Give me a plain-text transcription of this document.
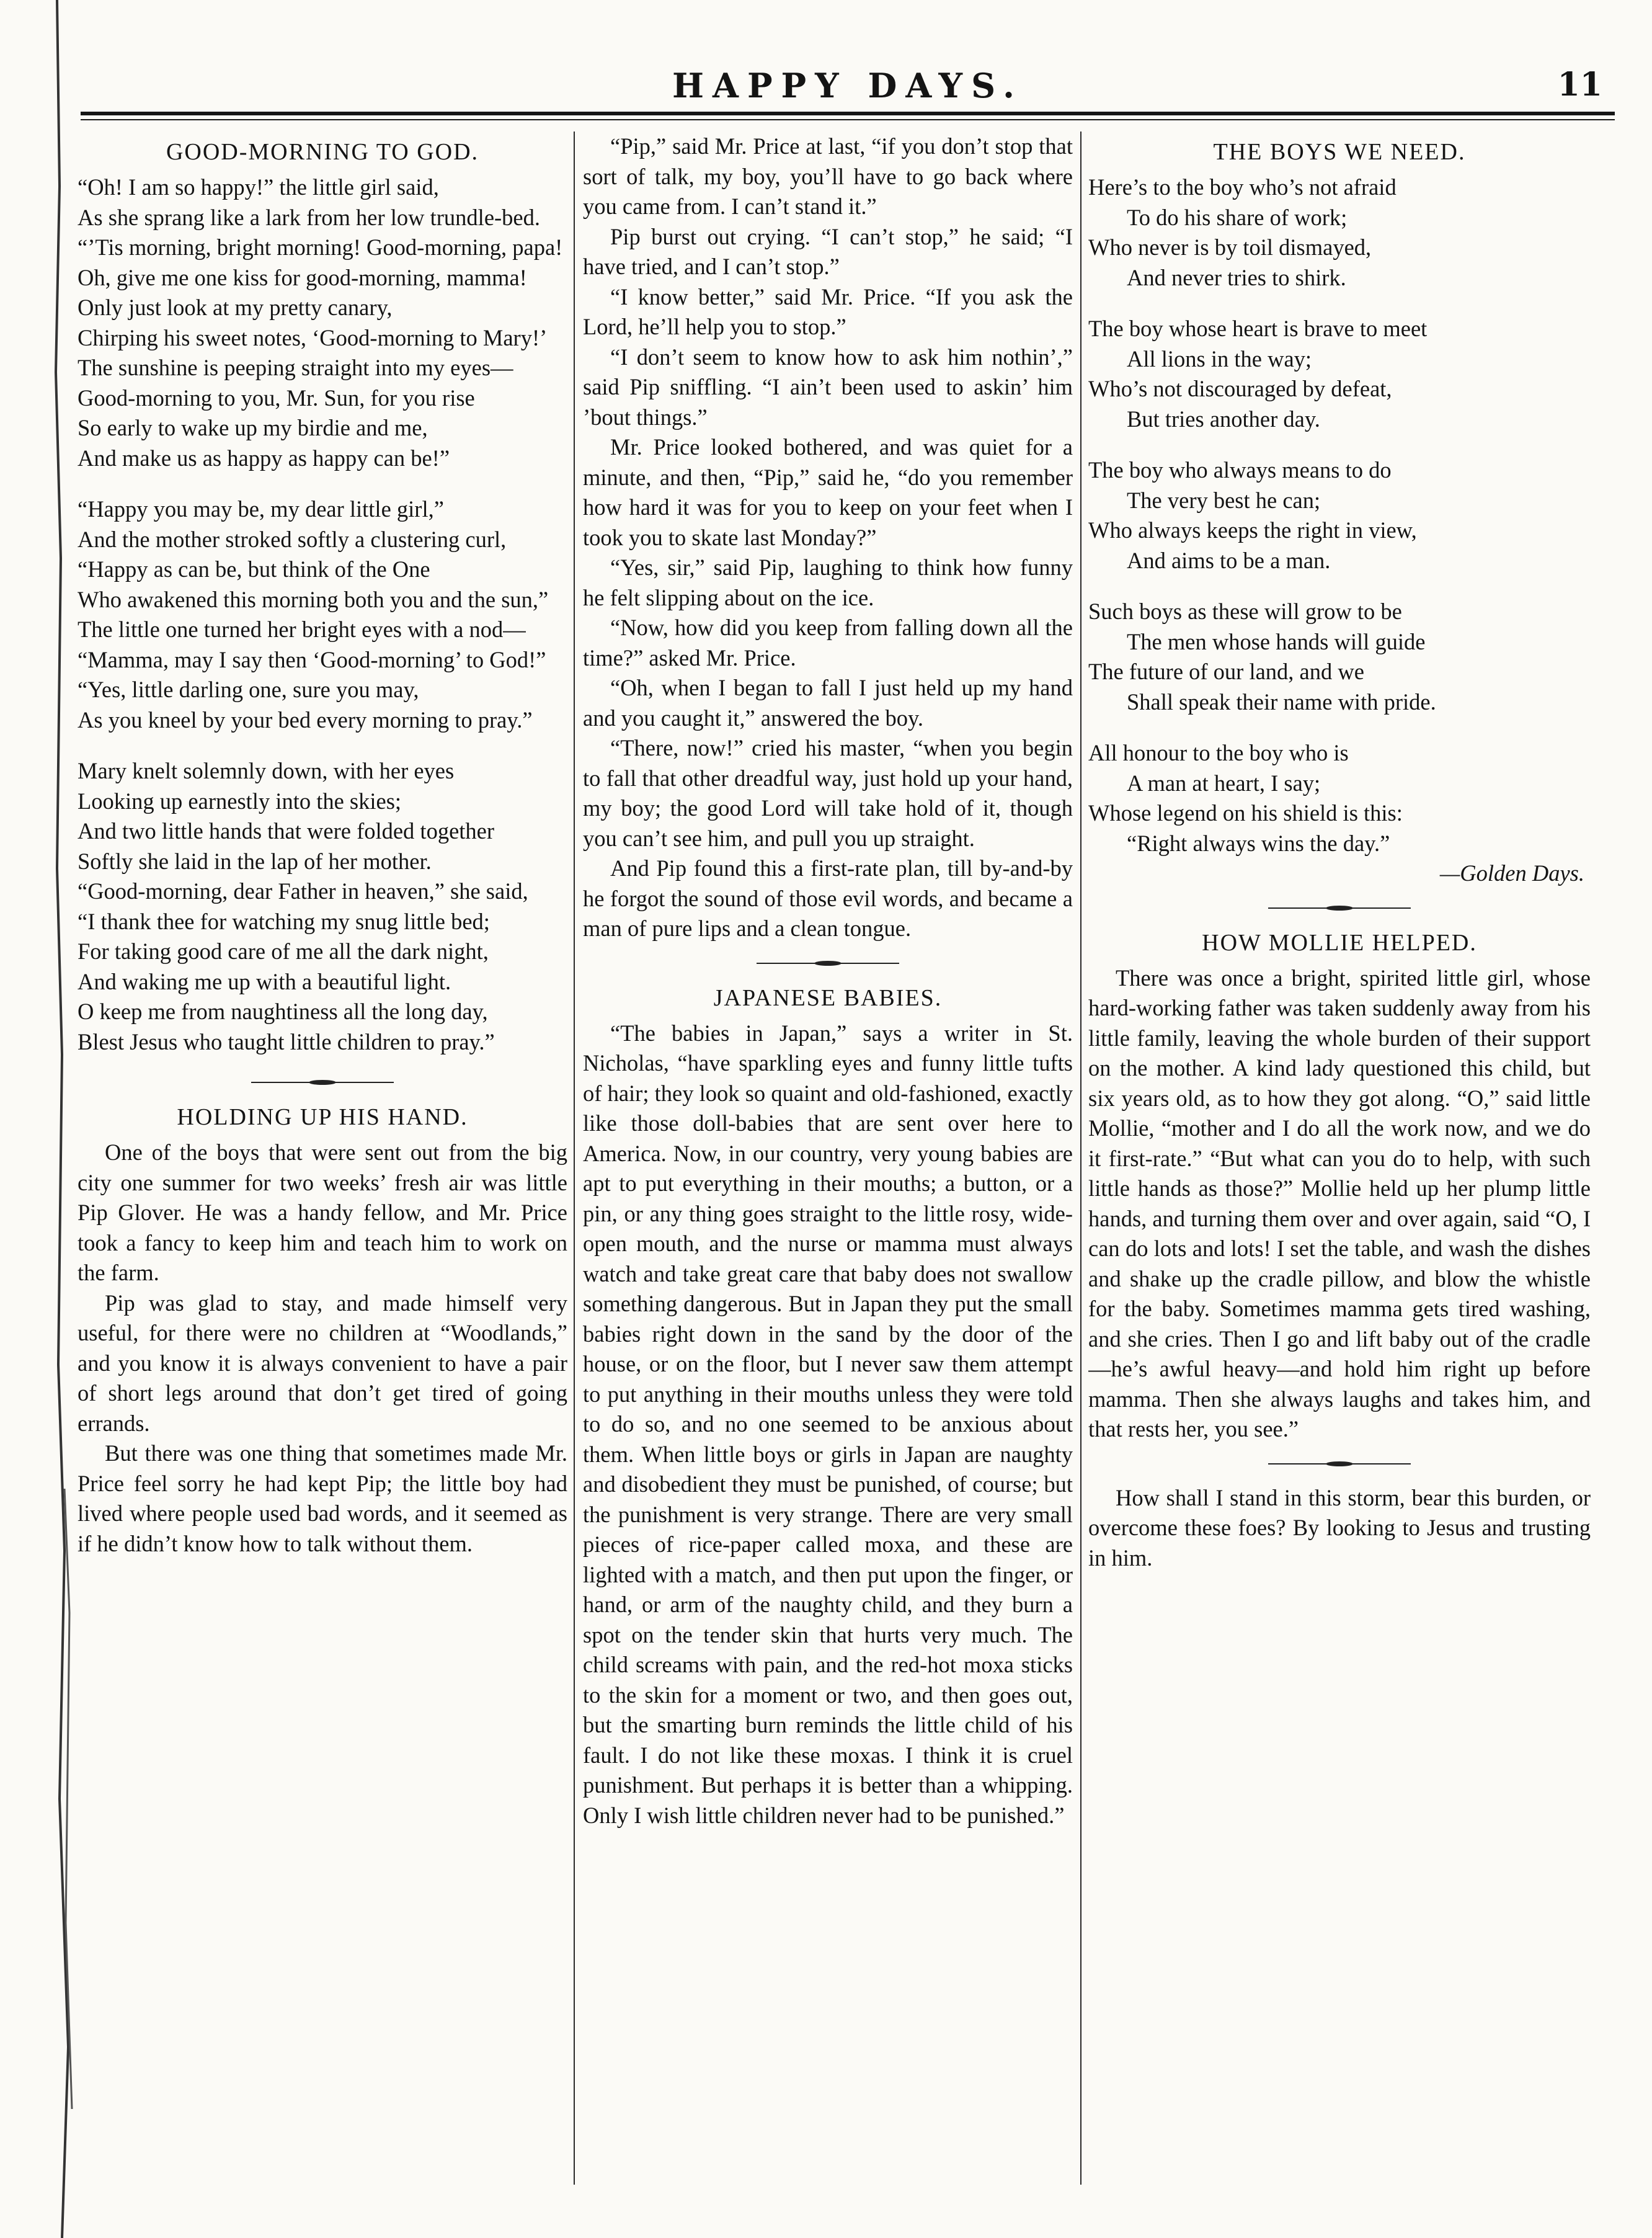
HAPPY DAYS.	11
GOOD-MORNING TO GOD.

“Oh! I am so happy!” the little girl said,

As she sprang like a lark from her low trundle-bed.

“’Tis morning, bright morning! Good-morning, papa!

Oh, give me one kiss for good-morning, mamma!

Only just look at my pretty canary,

Chirping his sweet notes, ‘Good-morning to Mary!’

The sunshine is peeping straight into my eyes—

Good-morning to you, Mr. Sun, for you rise

So early to wake up my birdie and me,

And make us as happy as happy can be!”

“Happy you may be, my dear little girl,”

And the mother stroked softly a clustering curl,

“Happy as can be, but think of the One

Who awakened this morning both you and the sun,”

The little one turned her bright eyes with a nod—

“Mamma, may I say then ‘Good-morning’ to God!”

“Yes, little darling one, sure you may,

As you kneel by your bed every morning to pray.”

Mary knelt solemnly down, with her eyes

Looking up earnestly into the skies;

And two little hands that were folded together

Softly she laid in the lap of her mother.

“Good-morning, dear Father in heaven,” she said,

“I thank thee for watching my snug little bed;

For taking good care of me all the dark night,

And waking me up with a beautiful light.

O keep me from naughtiness all the long day,

Blest Jesus who taught little children to pray.”

HOLDING UP HIS HAND.

One of the boys that were sent out from the big city one summer for two weeks’ fresh air was little Pip Glover. He was a handy fellow, and Mr. Price took a fancy to keep him and teach him to work on the farm.

Pip was glad to stay, and made himself very useful, for there were no children at “Woodlands,” and you know it is always convenient to have a pair of short legs around that don’t get tired of going errands.

But there was one thing that sometimes made Mr. Price feel sorry he had kept Pip; the little boy had lived where people used bad words, and it seemed as if he didn’t know how to talk without them.

“Pip,” said Mr. Price at last, “if you don’t stop that sort of talk, my boy, you’ll have to go back where you came from. I can’t stand it.”

Pip burst out crying. “I can’t stop,” he said; “I have tried, and I can’t stop.”

“I know better,” said Mr. Price. “If you ask the Lord, he’ll help you to stop.”

“I don’t seem to know how to ask him nothin’,” said Pip sniffling. “I ain’t been used to askin’ him ’bout things.”

Mr. Price looked bothered, and was quiet for a minute, and then, “Pip,” said he, “do you remember how hard it was for you to keep on your feet when I took you to skate last Monday?”

“Yes, sir,” said Pip, laughing to think how funny he felt slipping about on the ice.

“Now, how did you keep from falling down all the time?” asked Mr. Price.

“Oh, when I began to fall I just held up my hand and you caught it,” answered the boy.

“There, now!” cried his master, “when you begin to fall that other dreadful way, just hold up your hand, my boy; the good Lord will take hold of it, though you can’t see him, and pull you up straight.

And Pip found this a first-rate plan, till by-and-by he forgot the sound of those evil words, and became a man of pure lips and a clean tongue.

JAPANESE BABIES.

“The babies in Japan,” says a writer in St. Nicholas, “have sparkling eyes and funny little tufts of hair; they look so quaint and old-fashioned, exactly like those doll-babies that are sent over here to America. Now, in our country, very young babies are apt to put everything in their mouths; a button, or a pin, or any thing goes straight to the little rosy, wide-open mouth, and the nurse or mamma must always watch and take great care that baby does not swallow something dangerous. But in Japan they put the small babies right down in the sand by the door of the house, or on the floor, but I never saw them attempt to put anything in their mouths unless they were told to do so, and no one seemed to be anxious about them. When little boys or girls in Japan are naughty and disobedient they must be punished, of course; but the punishment is very strange. There are very small pieces of rice-paper called moxa, and these are lighted with a match, and then put upon the finger, or hand, or arm of the naughty child, and they burn a spot on the tender skin that hurts very much. The child screams with pain, and the red-hot moxa sticks to the skin for a moment or two, and then goes out, but the smarting burn reminds the little child of his fault. I do not like these moxas. I think it is cruel punishment. But perhaps it is better than a whipping. Only I wish little children never had to be punished.”

THE BOYS WE NEED.

Here’s to the boy who’s not afraid

To do his share of work;

Who never is by toil dismayed,

And never tries to shirk.

The boy whose heart is brave to meet

All lions in the way;

Who’s not discouraged by defeat,

But tries another day.

The boy who always means to do

The very best he can;

Who always keeps the right in view,

And aims to be a man.

Such boys as these will grow to be

The men whose hands will guide

The future of our land, and we

Shall speak their name with pride.

All honour to the boy who is

A man at heart, I say;

Whose legend on his shield is this:

“Right always wins the day.”

—Golden Days.

HOW MOLLIE HELPED.

There was once a bright, spirited little girl, whose hard-working father was taken suddenly away from his little family, leaving the whole burden of their support on the mother. A kind lady questioned this child, but six years old, as to how they got along. “O,” said little Mollie, “mother and I do all the work now, and we do it first-rate.” “But what can you do to help, with such little hands as those?” Mollie held up her plump little hands, and turning them over and over again, said “O, I can do lots and lots! I set the table, and wash the dishes and shake up the cradle pillow, and blow the whistle for the baby. Sometimes mamma gets tired washing, and she cries. Then I go and lift baby out of the cradle—he’s awful heavy—and hold him right up before mamma. Then she always laughs and takes him, and that rests her, you see.”

How shall I stand in this storm, bear this burden, or overcome these foes? By looking to Jesus and trusting in him.
